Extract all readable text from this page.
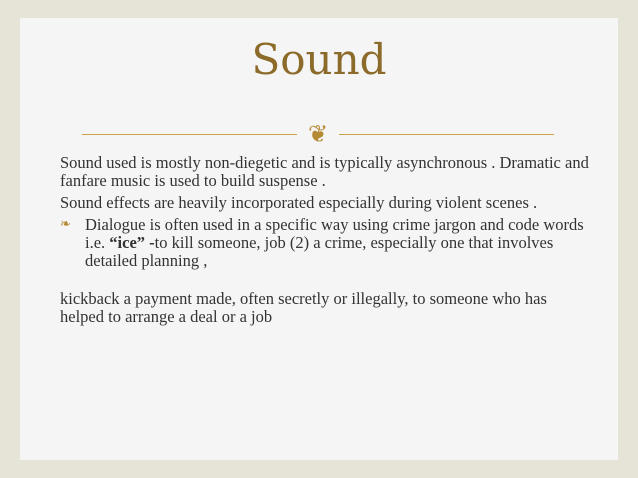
Sound
❦

Sound used is mostly non-diegetic and is typically asynchronous . Dramatic and fanfare music is used to build suspense .

Sound effects are heavily incorporated especially during violent scenes .

❧ Dialogue is often used in a specific way using crime jargon and code words i.e. “ice” -to kill someone, job (2) a crime, especially one that involves detailed planning ,

kickback a payment made, often secretly or illegally, to someone who has helped to arrange a deal or a job
